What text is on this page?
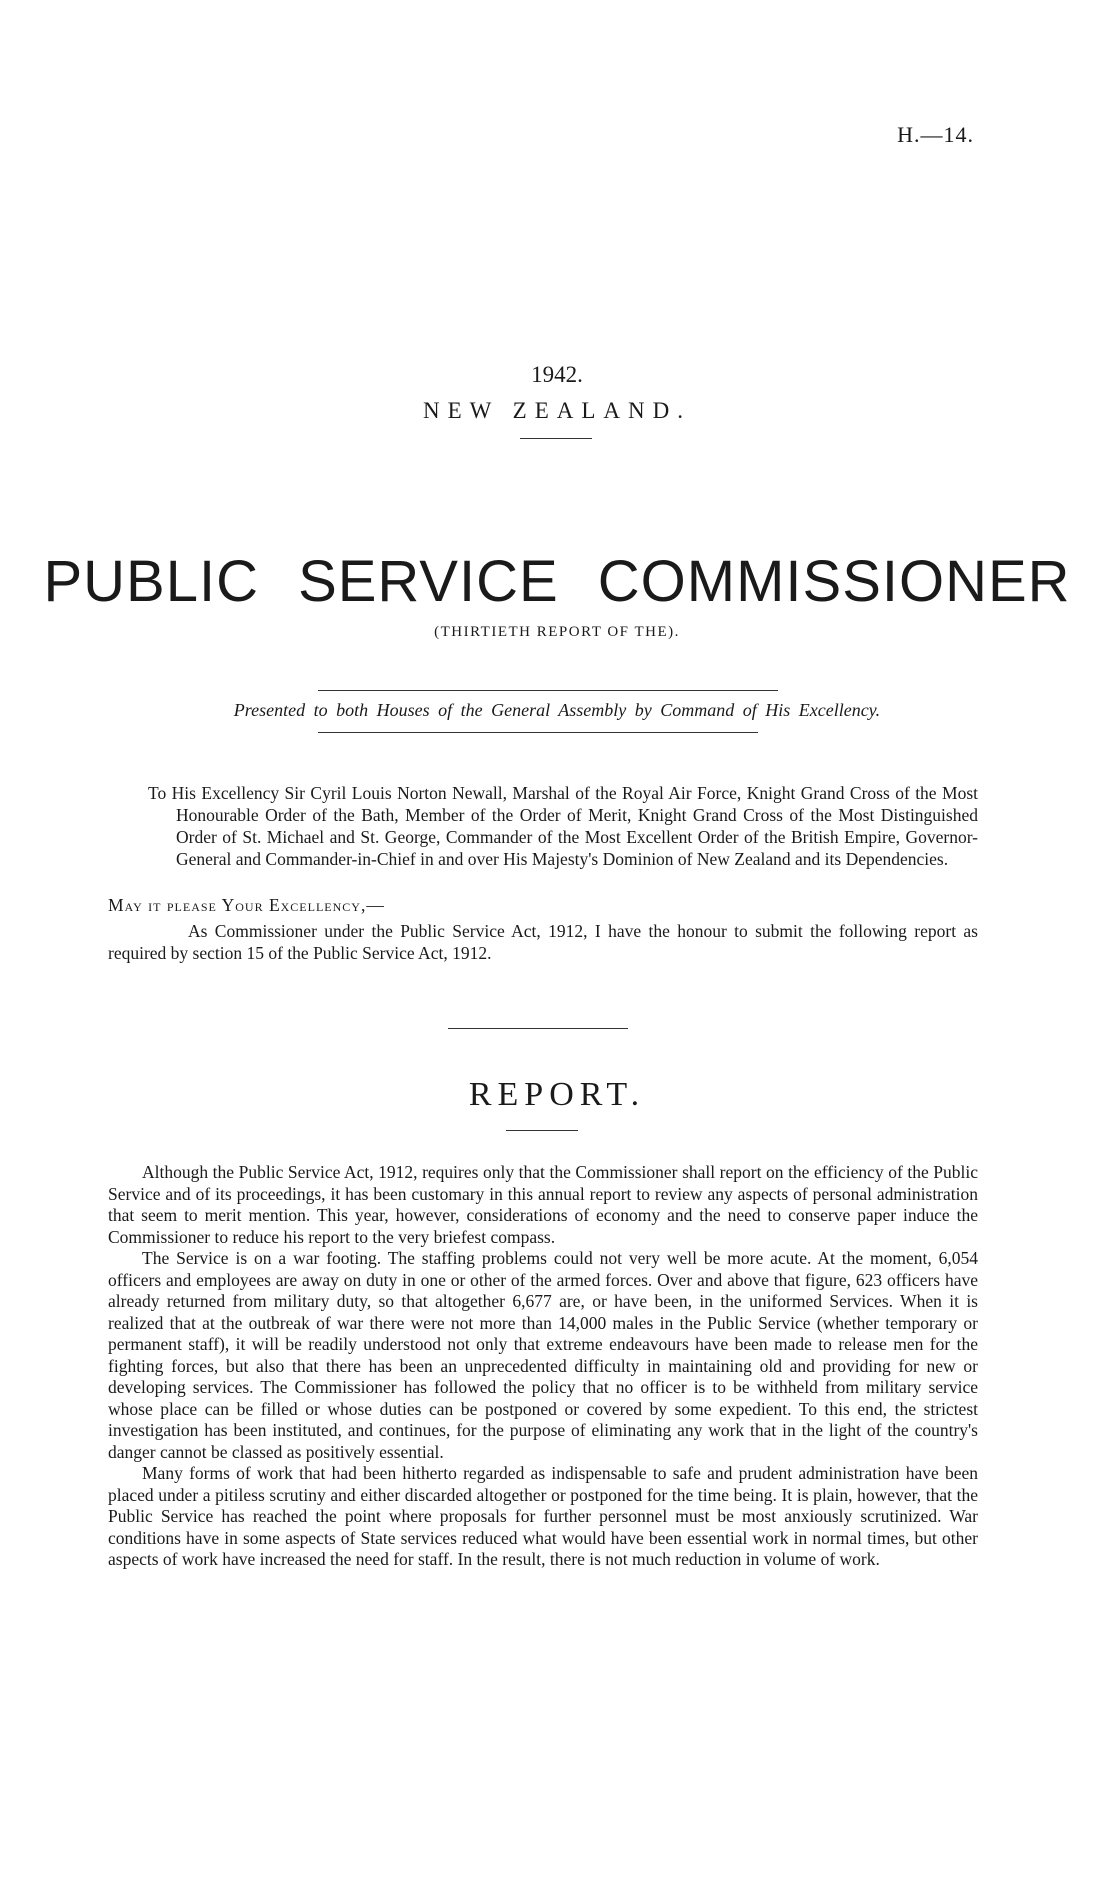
H.—14.
1942.
NEW ZEALAND.
PUBLIC SERVICE COMMISSIONER
(THIRTIETH REPORT OF THE).
Presented to both Houses of the General Assembly by Command of His Excellency.
To His Excellency Sir Cyril Louis Norton Newall, Marshal of the Royal Air Force, Knight Grand Cross of the Most Honourable Order of the Bath, Member of the Order of Merit, Knight Grand Cross of the Most Distinguished Order of St. Michael and St. George, Commander of the Most Excellent Order of the British Empire, Governor-General and Commander-in-Chief in and over His Majesty's Dominion of New Zealand and its Dependencies.
May it please Your Excellency,—
As Commissioner under the Public Service Act, 1912, I have the honour to submit the following report as required by section 15 of the Public Service Act, 1912.
REPORT.

Although the Public Service Act, 1912, requires only that the Commissioner shall report on the efficiency of the Public Service and of its proceedings, it has been customary in this annual report to review any aspects of personal administration that seem to merit mention. This year, however, considerations of economy and the need to conserve paper induce the Commissioner to reduce his report to the very briefest compass.

The Service is on a war footing. The staffing problems could not very well be more acute. At the moment, 6,054 officers and employees are away on duty in one or other of the armed forces. Over and above that figure, 623 officers have already returned from military duty, so that altogether 6,677 are, or have been, in the uniformed Services. When it is realized that at the outbreak of war there were not more than 14,000 males in the Public Service (whether temporary or permanent staff), it will be readily understood not only that extreme endeavours have been made to release men for the fighting forces, but also that there has been an unprecedented difficulty in maintaining old and providing for new or developing services. The Commissioner has followed the policy that no officer is to be withheld from military service whose place can be filled or whose duties can be postponed or covered by some expedient. To this end, the strictest investigation has been instituted, and continues, for the purpose of eliminating any work that in the light of the country's danger cannot be classed as positively essential.

Many forms of work that had been hitherto regarded as indispensable to safe and prudent administration have been placed under a pitiless scrutiny and either discarded altogether or postponed for the time being. It is plain, however, that the Public Service has reached the point where proposals for further personnel must be most anxiously scrutinized. War conditions have in some aspects of State services reduced what would have been essential work in normal times, but other aspects of work have increased the need for staff. In the result, there is not much reduction in volume of work.
